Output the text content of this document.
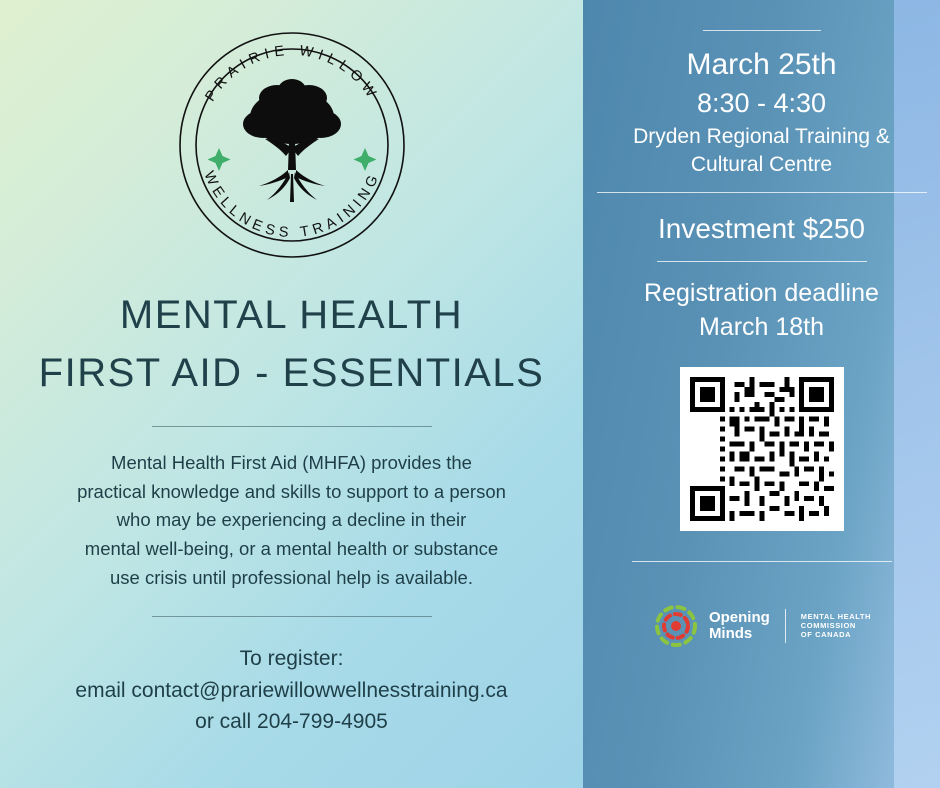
PRAIRIE WILLOW
WELLNESS TRAINING
MENTAL HEALTH
FIRST AID - ESSENTIALS
Mental Health First Aid (MHFA) provides the
practical knowledge and skills to support to a person
who may be experiencing a decline in their
mental well-being, or a mental health or substance
use crisis until professional help is available.
To register:
email contact@prariewillowwellnesstraining.ca
or call 204-799-4905
March 25th
8:30 - 4:30
Dryden Regional Training &
Cultural Centre
Investment $250
Registration deadline
March 18th
Opening
Minds
MENTAL HEALTH
COMMISSION
OF CANADA
